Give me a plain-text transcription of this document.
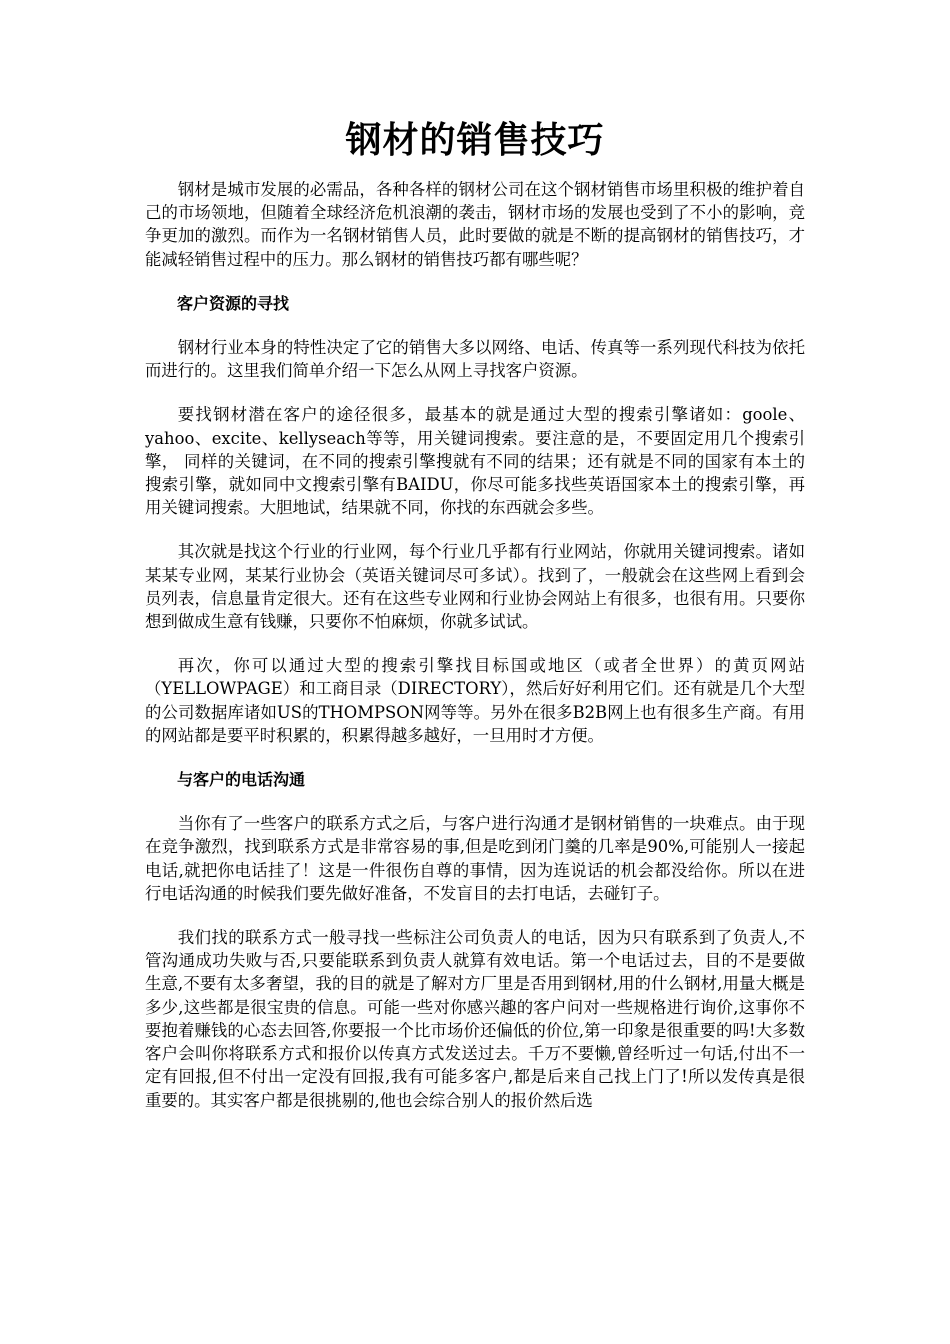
钢材的销售技巧

钢材是城市发展的必需品，各种各样的钢材公司在这个钢材销售市场里积极的维护着自己的市场领地，但随着全球经济危机浪潮的袭击，钢材市场的发展也受到了不小的影响，竞争更加的激烈。而作为一名钢材销售人员，此时要做的就是不断的提高钢材的销售技巧，才能减轻销售过程中的压力。那么钢材的销售技巧都有哪些呢？

客户资源的寻找

钢材行业本身的特性决定了它的销售大多以网络、电话、传真等一系列现代科技为依托而进行的。这里我们简单介绍一下怎么从网上寻找客户资源。

要找钢材潜在客户的途径很多，最基本的就是通过大型的搜索引擎诸如：goole、yahoo、excite、kellyseach等等，用关键词搜索。要注意的是，不要固定用几个搜索引擎， 同样的关键词，在不同的搜索引擎搜就有不同的结果；还有就是不同的国家有本土的搜索引擎，就如同中文搜索引擎有BAIDU，你尽可能多找些英语国家本土的搜索引擎，再用关键词搜索。大胆地试，结果就不同，你找的东西就会多些。

其次就是找这个行业的行业网，每个行业几乎都有行业网站，你就用关键词搜索。诸如某某专业网，某某行业协会（英语关键词尽可多试）。找到了，一般就会在这些网上看到会员列表，信息量肯定很大。还有在这些专业网和行业协会网站上有很多，也很有用。只要你想到做成生意有钱赚，只要你不怕麻烦，你就多试试。

再次，你可以通过大型的搜索引擎找目标国或地区（或者全世界）的黄页网站（YELLOWPAGE）和工商目录（DIRECTORY），然后好好利用它们。还有就是几个大型的公司数据库诸如US的THOMPSON网等等。另外在很多B2B网上也有很多生产商。有用的网站都是要平时积累的，积累得越多越好，一旦用时才方便。

与客户的电话沟通

当你有了一些客户的联系方式之后，与客户进行沟通才是钢材销售的一块难点。由于现在竞争激烈，找到联系方式是非常容易的事,但是吃到闭门羹的几率是90%,可能别人一接起电话,就把你电话挂了！这是一件很伤自尊的事情，因为连说话的机会都没给你。所以在进行电话沟通的时候我们要先做好准备，不发盲目的去打电话，去碰钉子。

我们找的联系方式一般寻找一些标注公司负责人的电话，因为只有联系到了负责人,不管沟通成功失败与否,只要能联系到负责人就算有效电话。第一个电话过去，目的不是要做生意,不要有太多奢望，我的目的就是了解对方厂里是否用到钢材,用的什么钢材,用量大概是多少,这些都是很宝贵的信息。可能一些对你感兴趣的客户问对一些规格进行询价,这事你不要抱着赚钱的心态去回答,你要报一个比市场价还偏低的价位,第一印象是很重要的吗!大多数客户会叫你将联系方式和报价以传真方式发送过去。千万不要懒,曾经听过一句话,付出不一定有回报,但不付出一定没有回报,我有可能多客户,都是后来自己找上门了!所以发传真是很重要的。其实客户都是很挑剔的,他也会综合别人的报价然后选
